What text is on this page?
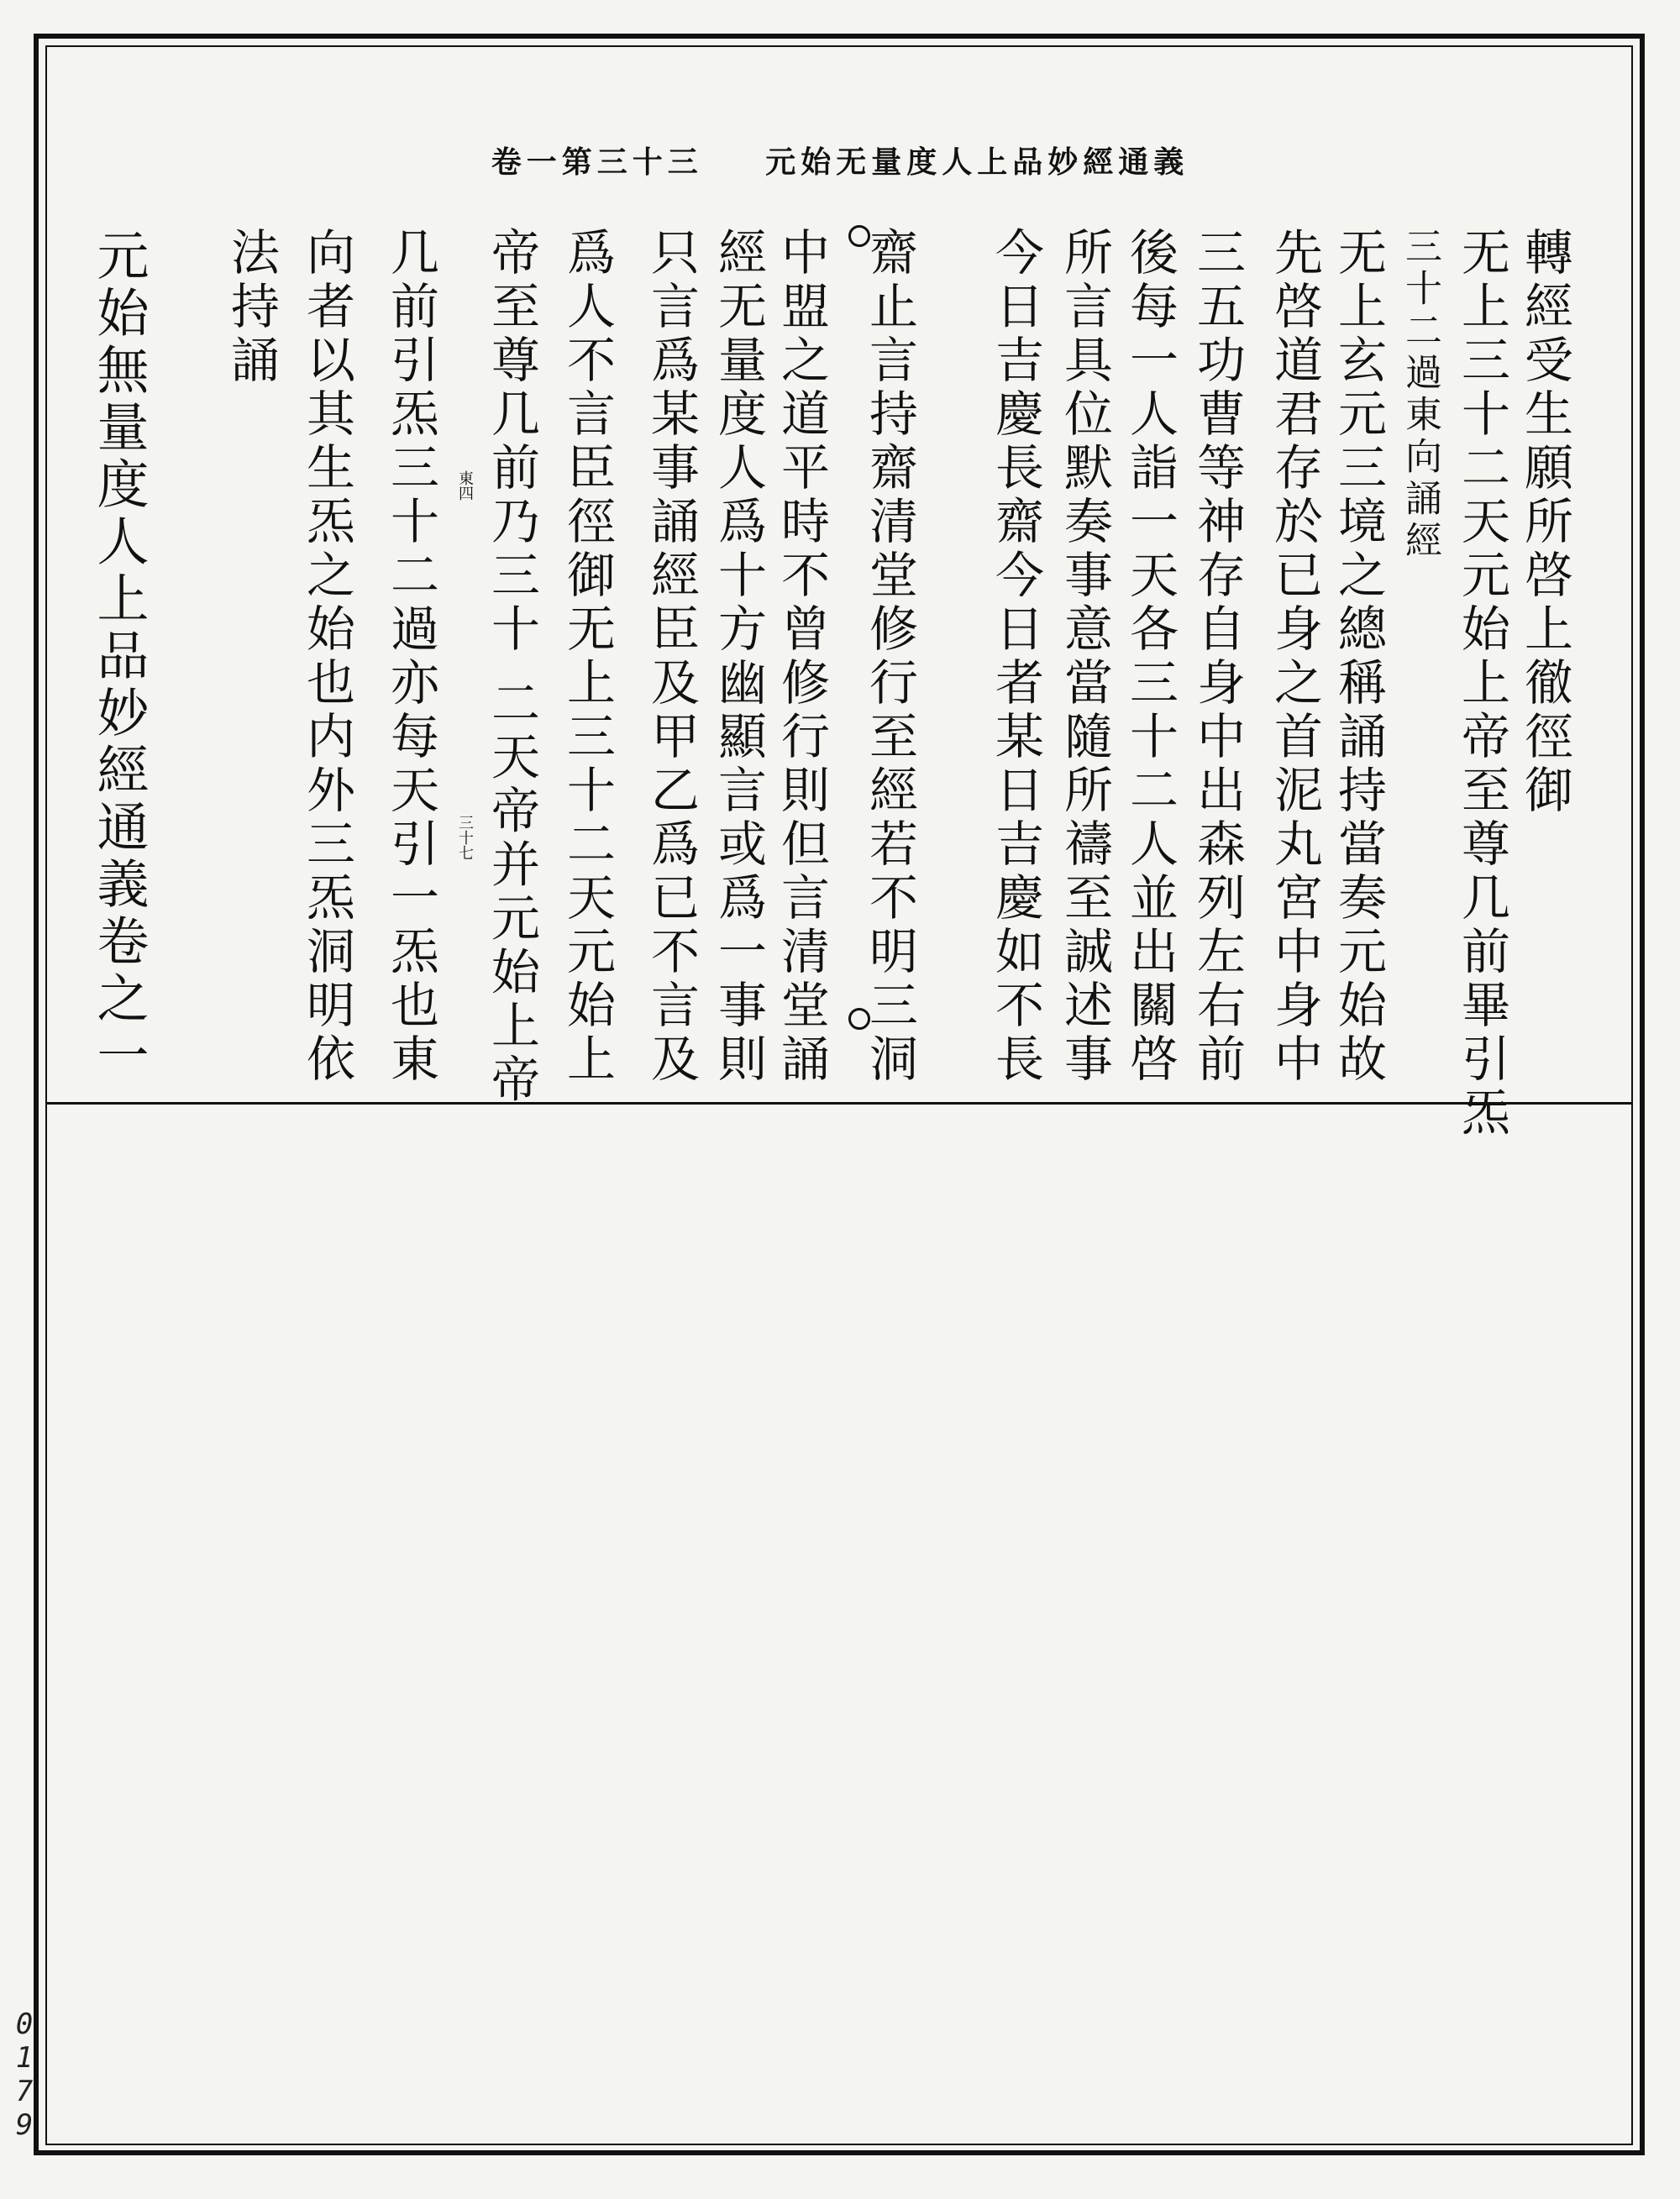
卷一第三十三 元始无量度人上品妙經通義
轉經受生願所啓上徹徑御
无上三十二天元始上帝至尊几前畢引炁
三十二過東向誦經
无上玄元三境之總稱誦持當奏元始故
先啓道君存於已身之首泥丸宮中身中
三五功曹等神存自身中出森列左右前
後每一人詣一天各三十二人並出關啓
所言具位默奏事意當隨所禱至誠述事
今日吉慶長齋今日者某日吉慶如不長
齋止言持齋清堂修行至經若不明三洞
中盟之道平時不曾修行則但言清堂誦
經无量度人爲十方幽顯言或爲一事則
只言爲某事誦經臣及甲乙爲已不言及
爲人不言臣徑御无上三十二天元始上
帝至尊几前乃三十 二天帝并元始上帝
几前引炁三十二過亦每天引一炁也東
向者以其生炁之始也内外三炁洞明依
法持誦
元始無量度人上品妙經通義卷之一	東四
三十七
0
1
7
9
